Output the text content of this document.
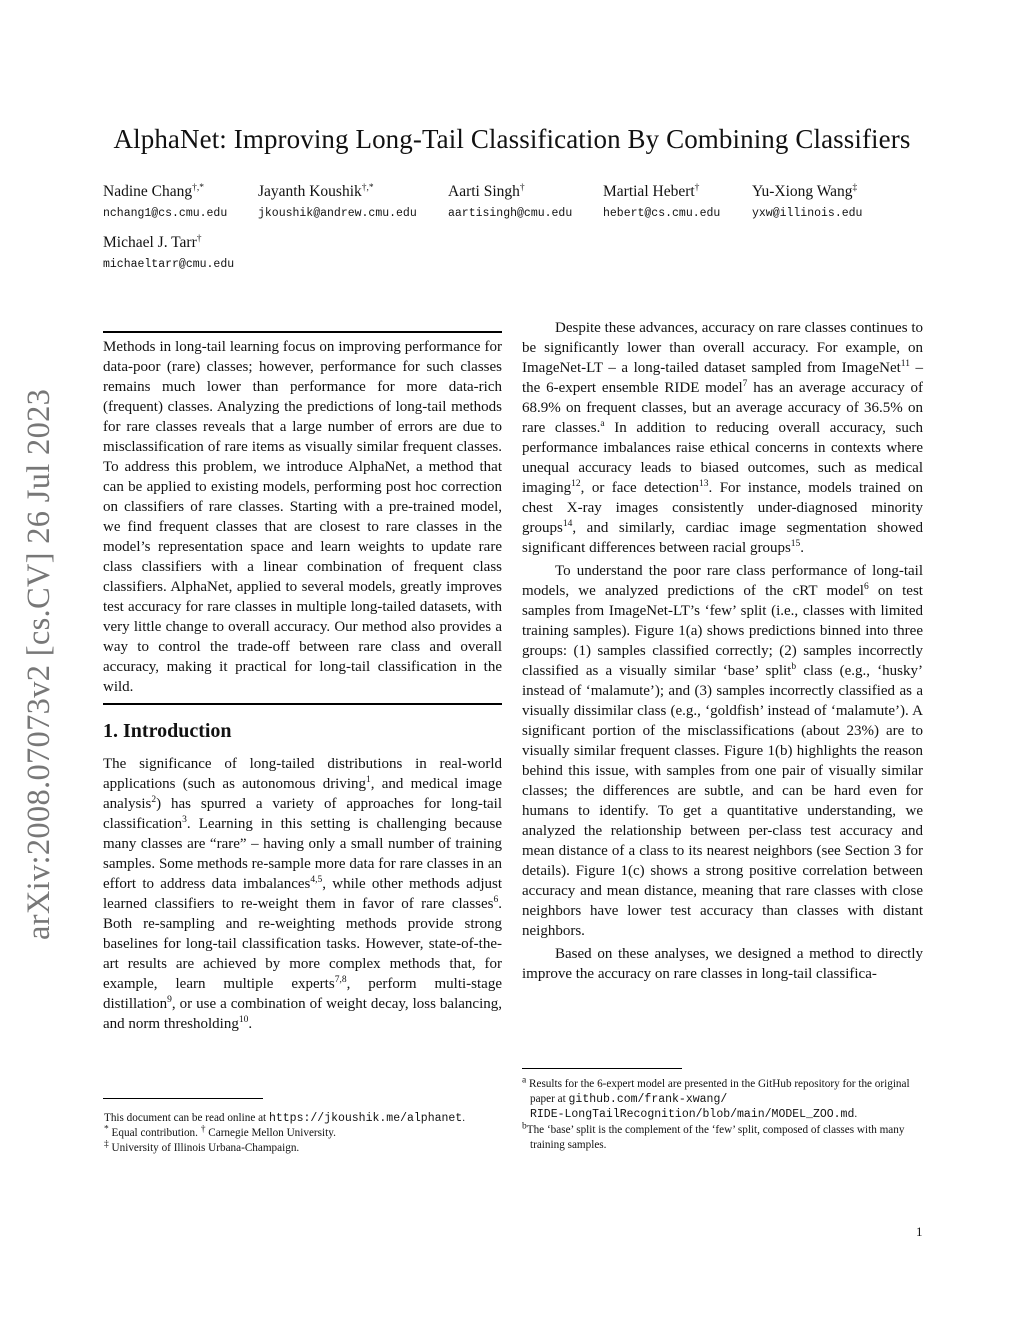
arXiv:2008.07073v2 [cs.CV] 26 Jul 2023
AlphaNet: Improving Long-Tail Classification By Combining Classifiers
Nadine Chang†,*
nchang1@cs.cmu.edu
Jayanth Koushik†,*
jkoushik@andrew.cmu.edu
Aarti Singh†
aartisingh@cmu.edu
Martial Hebert†
hebert@cs.cmu.edu
Yu-Xiong Wang‡
yxw@illinois.edu
Michael J. Tarr†
michaeltarr@cmu.edu

Methods in long-tail learning focus on improving performance for data-poor (rare) classes; however, performance for such classes remains much lower than performance for more data-rich (frequent) classes. Analyzing the predictions of long-tail methods for rare classes reveals that a large number of errors are due to misclassification of rare items as visually similar frequent classes. To address this problem, we introduce AlphaNet, a method that can be applied to existing models, performing post hoc correction on classifiers of rare classes. Starting with a pre-trained model, we find frequent classes that are closest to rare classes in the model’s representation space and learn weights to update rare class classifiers with a linear combination of frequent class classifiers. AlphaNet, applied to several models, greatly improves test accuracy for rare classes in multiple long-tailed datasets, with very little change to overall accuracy. Our method also provides a way to control the trade-off between rare class and overall accuracy, making it practical for long-tail classification in the wild.

1. Introduction

The significance of long-tailed distributions in real-world applications (such as autonomous driving$^1$, and medical image analysis$^2$) has spurred a variety of approaches for long-tail classification$^3$. Learning in this setting is challenging because many classes are “rare” – having only a small number of training samples. Some methods re-sample more data for rare classes in an effort to address data imbalances$^{4,5}$, while other methods adjust learned classifiers to re-weight them in favor of rare classes$^6$. Both re-sampling and re-weighting methods provide strong baselines for long-tail classification tasks. However, state-of-the-art results are achieved by more complex methods that, for example, learn multiple experts$^{7,8}$, perform multi-stage distillation$^9$, or use a combination of weight decay, loss balancing, and norm thresholding$^{10}$.

Despite these advances, accuracy on rare classes continues to be significantly lower than overall accuracy. For example, on ImageNet-LT – a long-tailed dataset sampled from ImageNet$^{11}$ – the 6-expert ensemble RIDE model$^7$ has an average accuracy of 68.9% on frequent classes, but an average accuracy of 36.5% on rare classes.$^a$ In addition to reducing overall accuracy, such performance imbalances raise ethical concerns in contexts where unequal accuracy leads to biased outcomes, such as medical imaging$^{12}$, or face detection$^{13}$. For instance, models trained on chest X-ray images consistently under-diagnosed minority groups$^{14}$, and similarly, cardiac image segmentation showed significant differences between racial groups$^{15}$.

To understand the poor rare class performance of long-tail models, we analyzed predictions of the cRT model$^6$ on test samples from ImageNet-LT’s ‘few’ split (i.e., classes with limited training samples). Figure 1(a) shows predictions binned into three groups: (1) samples classified correctly; (2) samples incorrectly classified as a visually similar ‘base’ split$^b$ class (e.g., ‘husky’ instead of ‘malamute’); and (3) samples incorrectly classified as a visually dissimilar class (e.g., ‘goldfish’ instead of ‘malamute’). A significant portion of the misclassifications (about 23%) are to visually similar frequent classes. Figure 1(b) highlights the reason behind this issue, with samples from one pair of visually similar classes; the differences are subtle, and can be hard even for humans to identify. To get a quantitative understanding, we analyzed the relationship between per-class test accuracy and mean distance of a class to its nearest neighbors (see Section 3 for details). Figure 1(c) shows a strong positive correlation between accuracy and mean distance, meaning that rare classes with close neighbors have lower test accuracy than classes with distant neighbors.

Based on these analyses, we designed a method to directly improve the accuracy on rare classes in long-tail classifica-

This document can be read online at https://jkoushik.me/alphanet.
* Equal contribution. † Carnegie Mellon University.
‡ University of Illinois Urbana-Champaign.
$^a$ Results for the 6-expert model are presented in the GitHub repository for the original paper at github.com/frank-xwang/
RIDE-LongTailRecognition/blob/main/MODEL_ZOO.md.
$^b$The ‘base’ split is the complement of the ‘few’ split, composed of classes with many training samples.
1
